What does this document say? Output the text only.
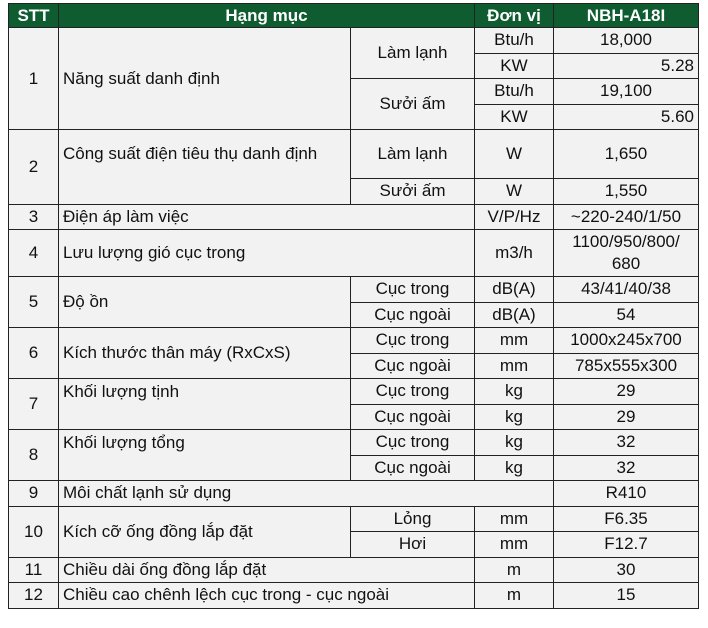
STT	Hạng mục		Đơn vị	NBH-A18I
1	Năng suất danh định	Làm lạnh	Btu/h	18,000
			KW	5.28
		Sưởi ấm	Btu/h	19,100
			KW	5.60
2	Công suất điện tiêu thụ danh định	Làm lạnh	W	1,650
		Sưởi ấm	W	1,550
3	Điện áp làm việc		V/P/Hz	~220-240/1/50
4	Lưu lượng gió cục trong		m3/h	1100/950/800/ 680
5	Độ ồn	Cục trong	dB(A)	43/41/40/38
		Cục ngoài	dB(A)	54
6	Kích thước thân máy (RxCxS)	Cục trong	mm	1000x245x700
		Cục ngoài	mm	785x555x300
7	Khối lượng tịnh	Cục trong	kg	29
		Cục ngoài	kg	29
8	Khối lượng tổng	Cục trong	kg	32
		Cục ngoài	kg	32
9	Môi chất lạnh sử dụng			R410
10	Kích cỡ ống đồng lắp đặt	Lỏng	mm	F6.35
		Hơi	mm	F12.7
11	Chiều dài ống đồng lắp đặt		m	30
12	Chiều cao chênh lệch cục trong - cục ngoài		m	15
